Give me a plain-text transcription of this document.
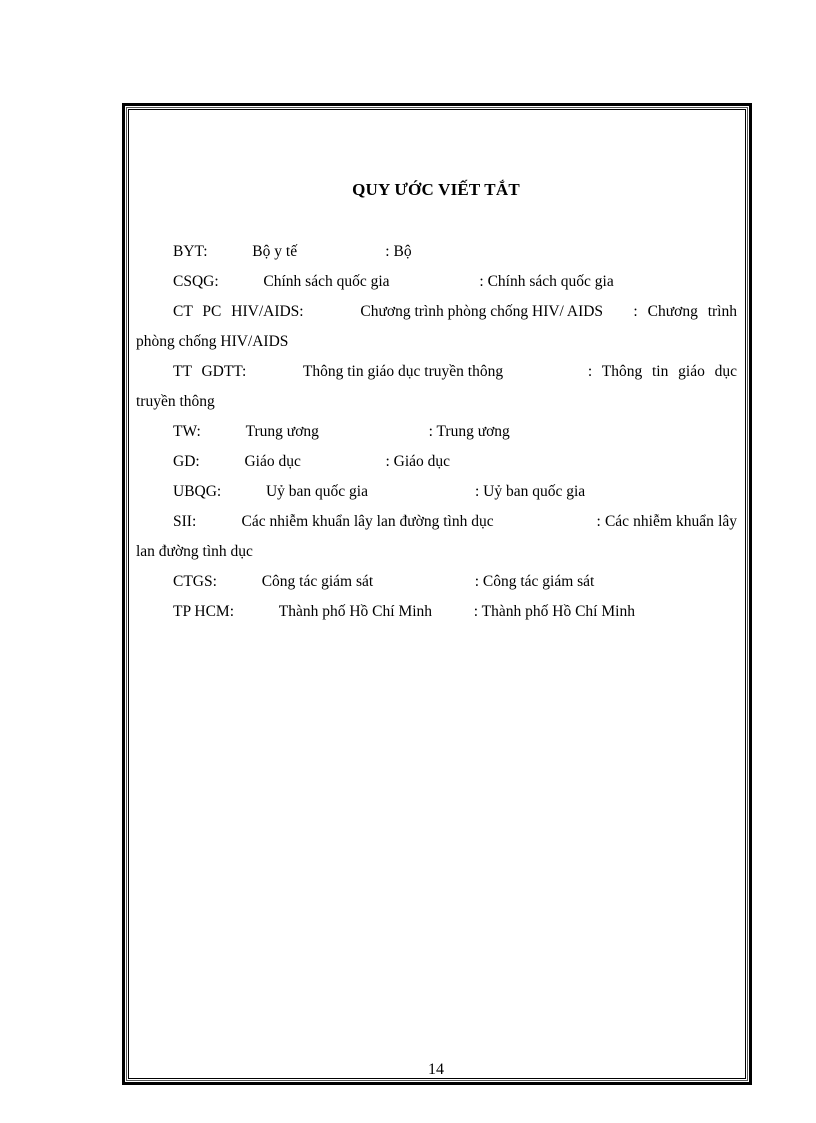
QUY ƯỚC VIẾT TẮT

BYT:	Bộ y tế	: Bộ

CSQG:	Chính sách quốc gia	: Chính sách quốc gia

CT PC HIV/AIDS:	Chương trình phòng chống HIV/ AIDS : Chương trình phòng chống HIV/AIDS

TT GDTT:	Thông tin giáo dục truyền thông	: Thông tin giáo dục truyền thông

TW:	Trung ương	: Trung ương

GD:	Giáo dục	: Giáo dục

UBQG:	Uỷ ban quốc gia	: Uỷ ban quốc gia

SII:	Các nhiễm khuẩn lây lan đường tình dục	: Các nhiễm khuẩn lây lan đường tình dục

CTGS:	Công tác giám sát	: Công tác giám sát

TP HCM:	Thành phố Hồ Chí Minh	: Thành phố Hồ Chí Minh

14
